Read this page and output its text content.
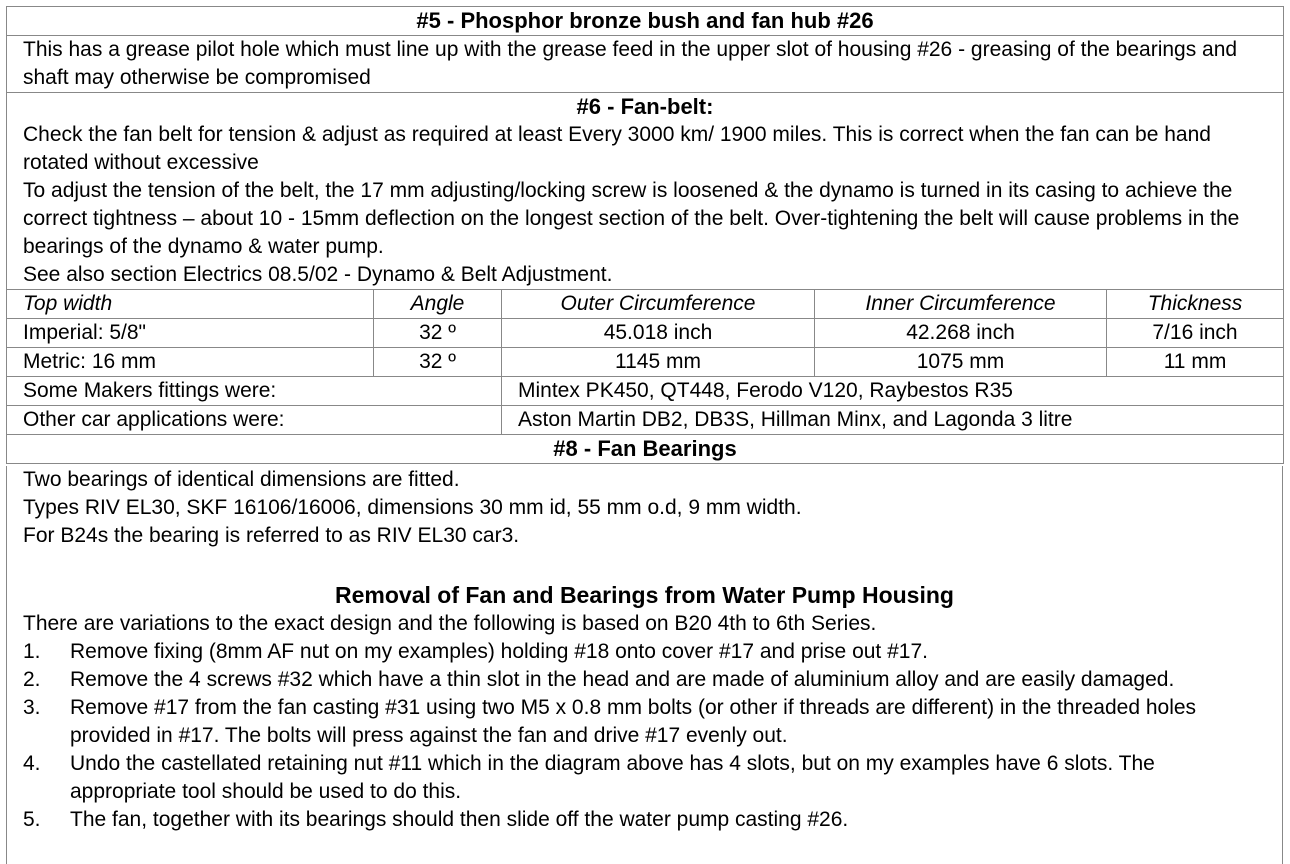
#5 - Phosphor bronze bush and fan hub #26				
This has a grease pilot hole which must line up with the grease feed in the upper slot of housing #26 - greasing of the bearings and shaft may otherwise be compromised				

#6 - Fan-belt:

Check the fan belt for tension & adjust as required at least Every 3000 km/ 1900 miles. This is correct when the fan can be hand rotated without excessive

To adjust the tension of the belt, the 17 mm adjusting/locking screw is loosened & the dynamo is turned in its casing to achieve the correct tightness – about 10 - 15mm deflection on the longest section of the belt. Over-tightening the belt will cause problems in the bearings of the dynamo & water pump.

See also section Electrics 08.5/02 - Dynamo & Belt Adjustment.				

Top width	Angle	Outer Circumference	Inner Circumference	Thickness
Imperial: 5/8"	32 º	45.018 inch	42.268 inch	7/16 inch
Metric: 16 mm	32 º	1145 mm	1075 mm	11 mm
Some Makers fittings were:		Mintex PK450, QT448, Ferodo V120, Raybestos R35		
Other car applications were:		Aston Martin DB2, DB3S, Hillman Minx, and Lagonda 3 litre		
#8 - Fan Bearings				
Two bearings of identical dimensions are fitted.
Types RIV EL30, SKF 16106/16006, dimensions 30 mm id, 55 mm o.d, 9 mm width.
For B24s the bearing is referred to as RIV EL30 car3.
Removal of Fan and Bearings from Water Pump Housing
There are variations to the exact design and the following is based on B20 4th to 6th Series.
1. Remove fixing (8mm AF nut on my examples) holding #18 onto cover #17 and prise out #17.
2. Remove the 4 screws #32 which have a thin slot in the head and are made of aluminium alloy and are easily damaged.
3. Remove #17 from the fan casting #31 using two M5 x 0.8 mm bolts (or other if threads are different) in the threaded holes provided in #17. The bolts will press against the fan and drive #17 evenly out.
4. Undo the castellated retaining nut #11 which in the diagram above has 4 slots, but on my examples have 6 slots. The appropriate tool should be used to do this.
5. The fan, together with its bearings should then slide off the water pump casting #26.
